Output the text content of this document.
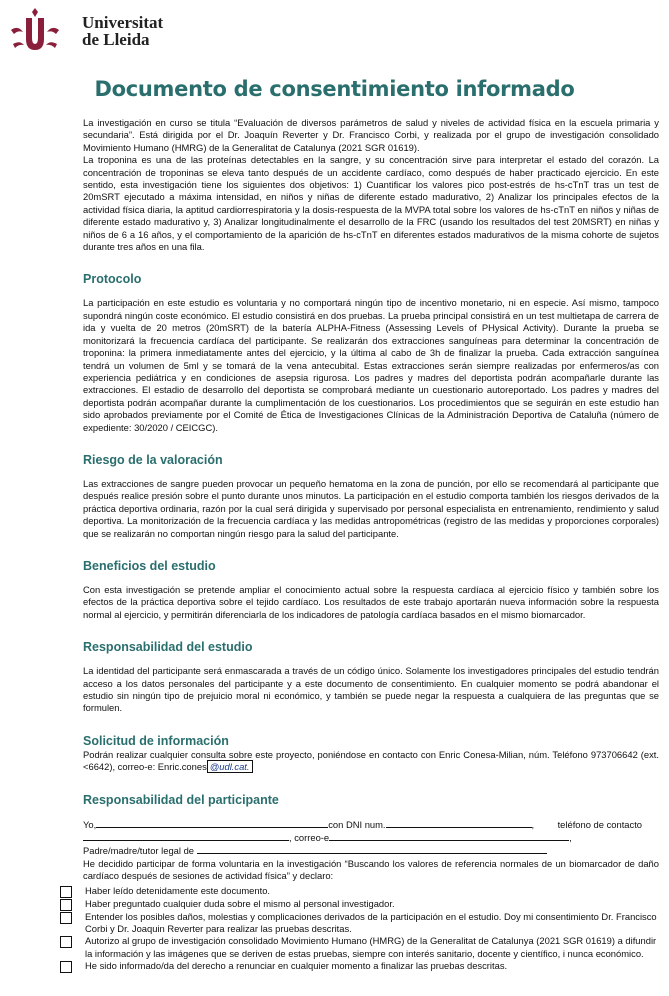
Universitat
de Lleida
Documento de consentimiento informado

La investigación en curso se titula “Evaluación de diversos parámetros de salud y niveles de actividad física en la escuela primaria y secundaria”. Está dirigida por el Dr. Joaquín Reverter y Dr. Francisco Corbi, y realizada por el grupo de investigación consolidado Movimiento Humano (HMRG) de la Generalitat de Catalunya (2021 SGR 01619).

La troponina es una de las proteínas detectables en la sangre, y su concentración sirve para interpretar el estado del corazón. La concentración de troponinas se eleva tanto después de un accidente cardíaco, como después de haber practicado ejercicio. En este sentido, esta investigación tiene los siguientes dos objetivos: 1) Cuantificar los valores pico post-estrés de hs-cTnT tras un test de 20mSRT ejecutado a máxima intensidad, en niños y niñas de diferente estado madurativo, 2) Analizar los principales efectos de la actividad física diaria, la aptitud cardiorrespiratoria y la dosis-respuesta de la MVPA total sobre los valores de hs-cTnT en niños y niñas de diferente estado madurativo y, 3) Analizar longitudinalmente el desarrollo de la FRC (usando los resultados del test 20MSRT) en niñas y niños de 6 a 16 años, y el comportamiento de la aparición de hs-cTnT en diferentes estados madurativos de la misma cohorte de sujetos durante tres años en una fila.

Protocolo

La participación en este estudio es voluntaria y no comportará ningún tipo de incentivo monetario, ni en especie. Así mismo, tampoco supondrá ningún coste económico. El estudio consistirá en dos pruebas. La prueba principal consistirá en un test multietapa de carrera de ida y vuelta de 20 metros (20mSRT) de la batería ALPHA-Fitness (Assessing Levels of PHysical Activity). Durante la prueba se monitorizará la frecuencia cardíaca del participante. Se realizarán dos extracciones sanguíneas para determinar la concentración de troponina: la primera inmediatamente antes del ejercicio, y la última al cabo de 3h de finalizar la prueba. Cada extracción sanguínea tendrá un volumen de 5ml y se tomará de la vena antecubital. Estas extracciones serán siempre realizadas por enfermeros/as con experiencia pediátrica y en condiciones de asepsia rigurosa. Los padres y madres del deportista podrán acompañarle durante las extracciones. El estadio de desarrollo del deportista se comprobará mediante un cuestionario autoreportado. Los padres y madres del deportista podrán acompañar durante la cumplimentación de los cuestionarios. Los procedimientos que se seguirán en este estudio han sido aprobados previamente por el Comité de Ética de Investigaciones Clínicas de la Administración Deportiva de Cataluña (número de expediente: 30/2020 / CEICGC).

Riesgo de la valoración

Las extracciones de sangre pueden provocar un pequeño hematoma en la zona de punción, por ello se recomendará al participante que después realice presión sobre el punto durante unos minutos. La participación en el estudio comporta también los riesgos derivados de la práctica deportiva ordinaria, razón por la cual será dirigida y supervisado por personal especialista en entrenamiento, rendimiento y salud deportiva. La monitorización de la frecuencia cardíaca y las medidas antropométricas (registro de las medidas y proporciones corporales) que se realizarán no comportan ningún riesgo para la salud del participante.

Beneficios del estudio

Con esta investigación se pretende ampliar el conocimiento actual sobre la respuesta cardíaca al ejercicio físico y también sobre los efectos de la práctica deportiva sobre el tejido cardíaco. Los resultados de este trabajo aportarán nueva información sobre la respuesta normal al ejercicio, y permitirán diferenciarla de los indicadores de patología cardíaca basados en el mismo biomarcador.

Responsabilidad del estudio

La identidad del participante será enmascarada a través de un código único. Solamente los investigadores principales del estudio tendrán acceso a los datos personales del participante y a este documento de consentimiento. En cualquier momento se podrá abandonar el estudio sin ningún tipo de prejuicio moral ni económico, y también se puede negar la respuesta a cualquiera de las preguntas que se formulen.

Solicitud de información

Podrán realizar cualquier consulta sobre este proyecto, poniéndose en contacto con Enric Conesa-Milian, núm. Teléfono 973706642 (ext.<6642), correo-e: Enric.cones @udl.cat.

Responsabilidad del participante

Yo,	con DNI num.	,         teléfono de contacto

, correo-e	,

Padre/madre/tutor legal de

He decidido participar de forma voluntaria en la investigación “Buscando los valores de referencia normales de un biomarcador de daño cardíaco después de sesiones de actividad física” y declaro:

Haber leído detenidamente este documento.
Haber preguntado cualquier duda sobre el mismo al personal investigador.
Entender los posibles daños, molestias y complicaciones derivados de la participación en el estudio. Doy mi consentimiento Dr. Francisco Corbi y Dr. Joaquin Reverter para realizar las pruebas descritas.
Autorizo al grupo de investigación consolidado Movimiento Humano (HMRG) de la Generalitat de Catalunya (2021 SGR 01619) a difundir la información y las imágenes que se deriven de estas pruebas, siempre con interés sanitario, docente y científico, i nunca económico.
He sido informado/da del derecho a renunciar en cualquier momento a finalizar las pruebas descritas.
